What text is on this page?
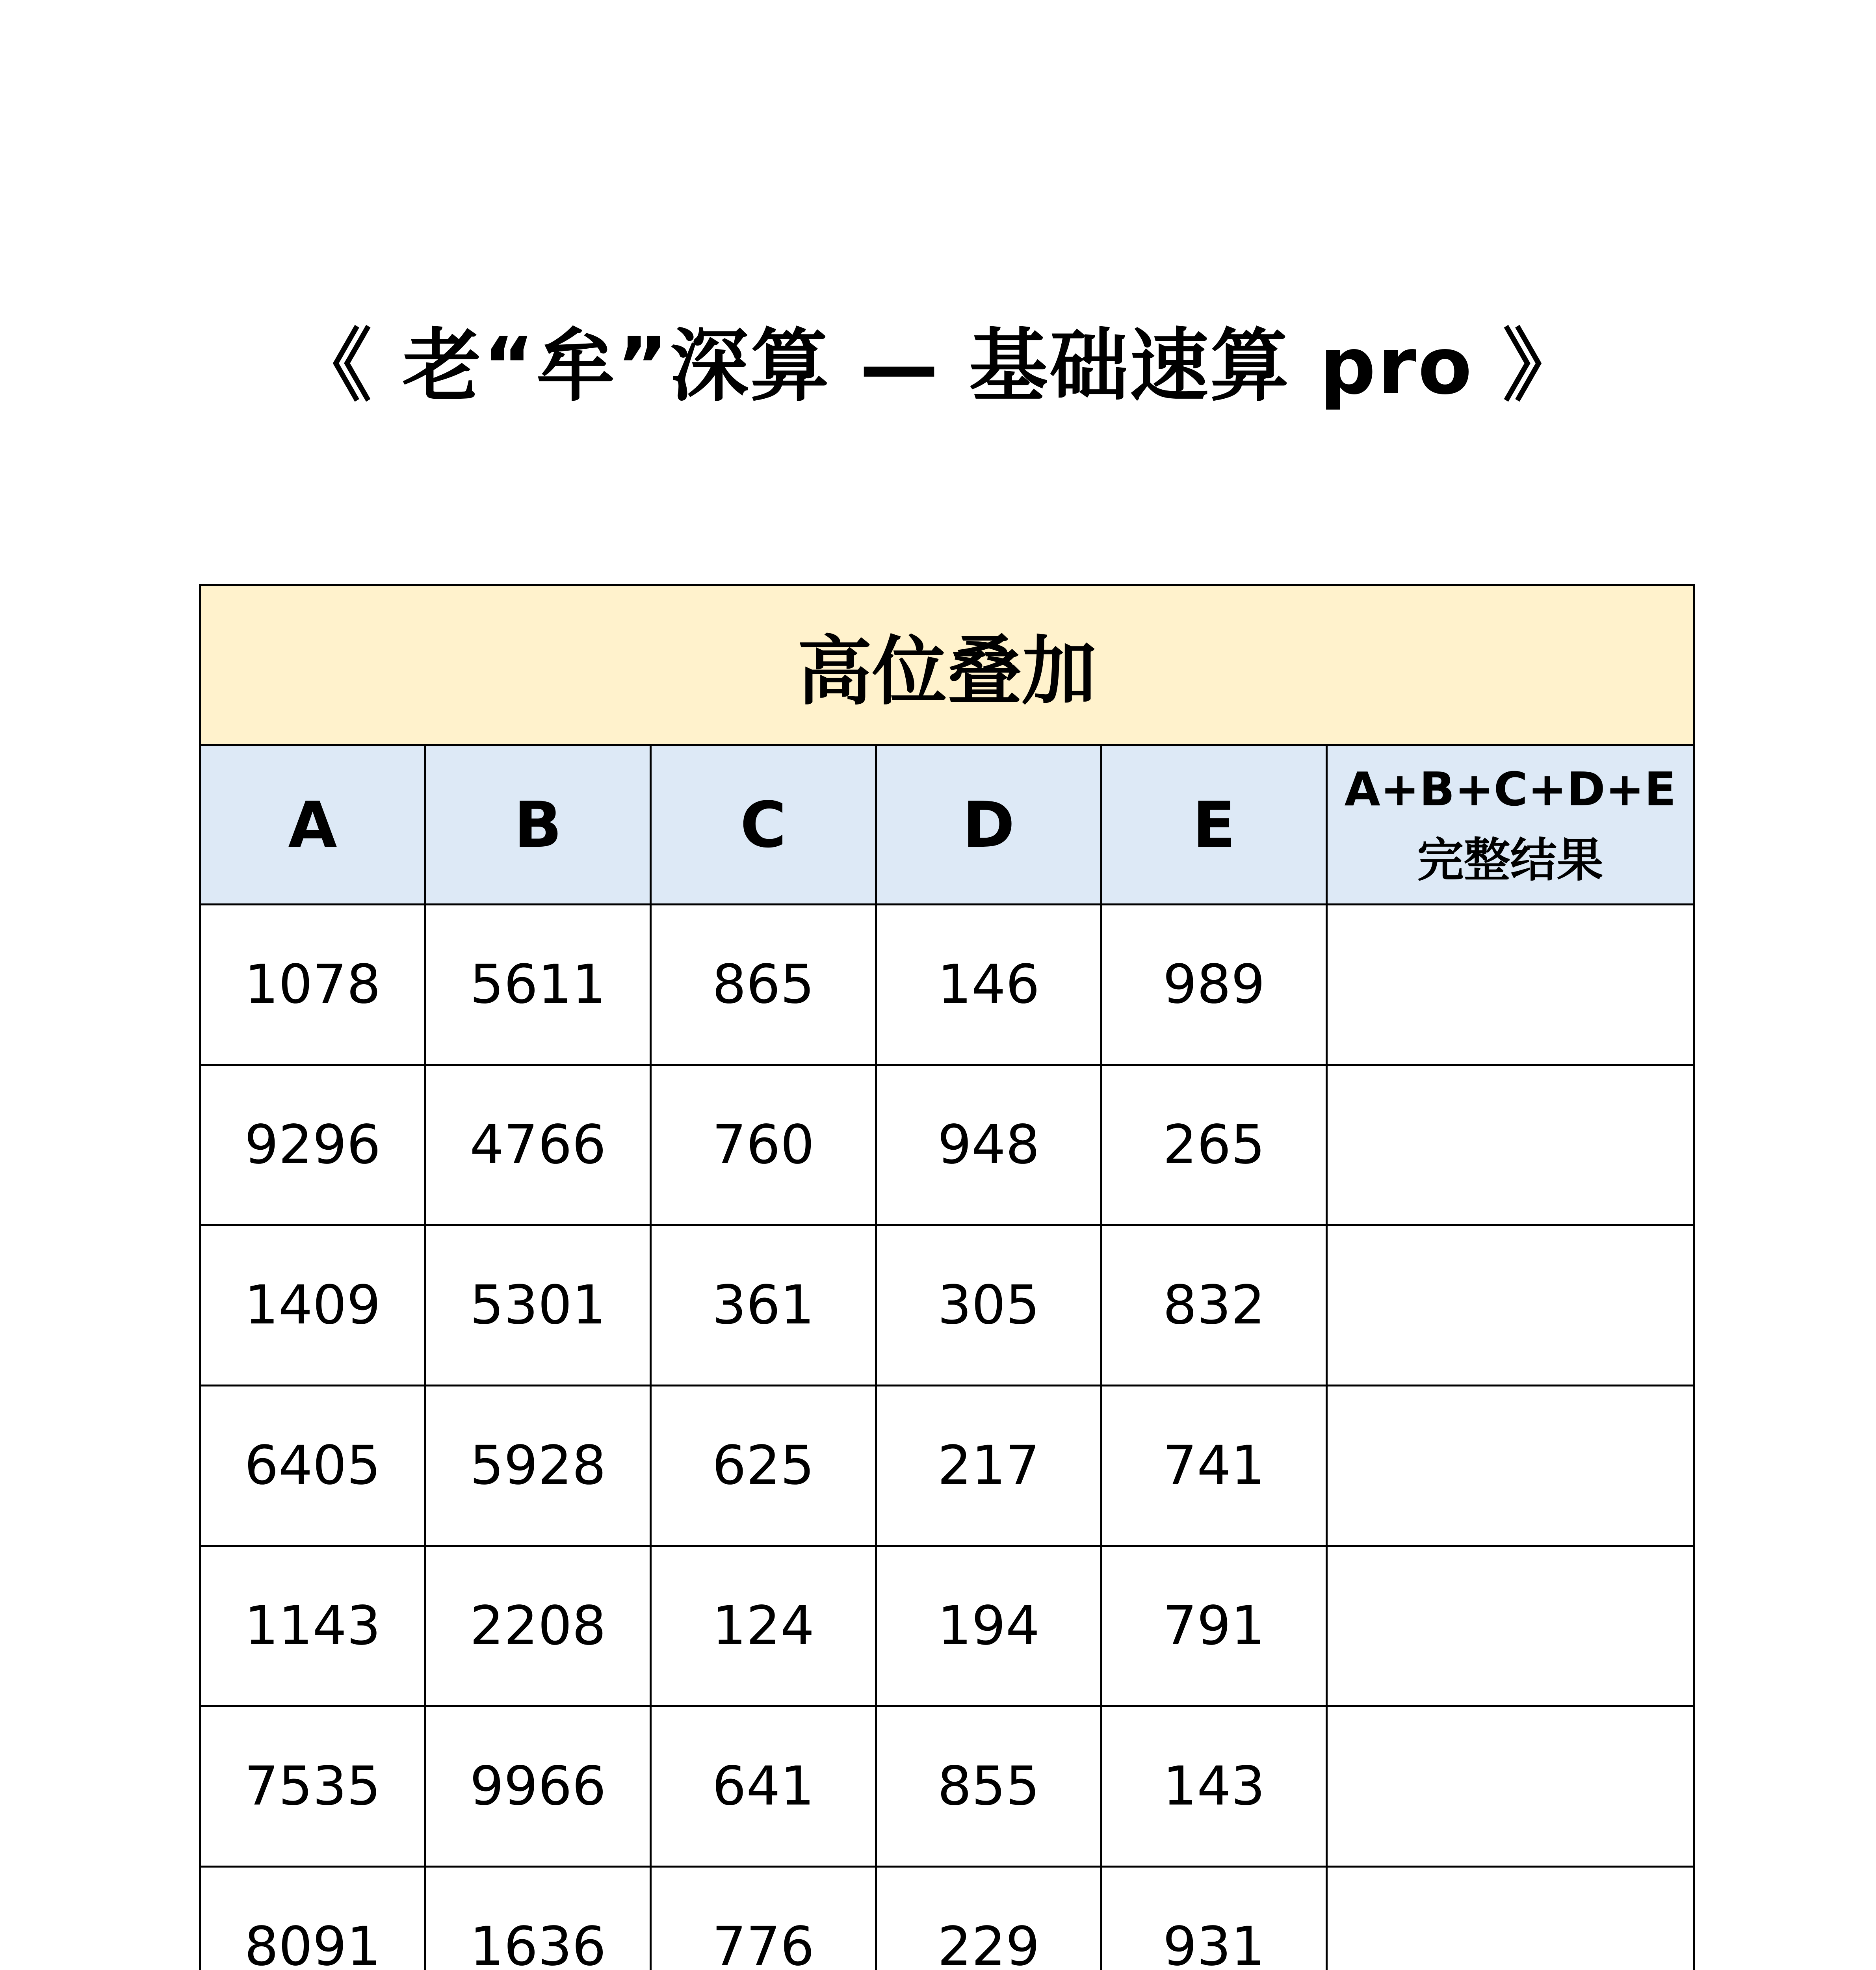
《 老“牟”深算 — 基础速算 pro 》
高位叠加					
A	B	C	D	E	A+B+C+D+E
完整结果

1078	5611	865	146	989	
9296	4766	760	948	265	
1409	5301	361	305	832	
6405	5928	625	217	741	
1143	2208	124	194	791	
7535	9966	641	855	143	
8091	1636	776	229	931	
